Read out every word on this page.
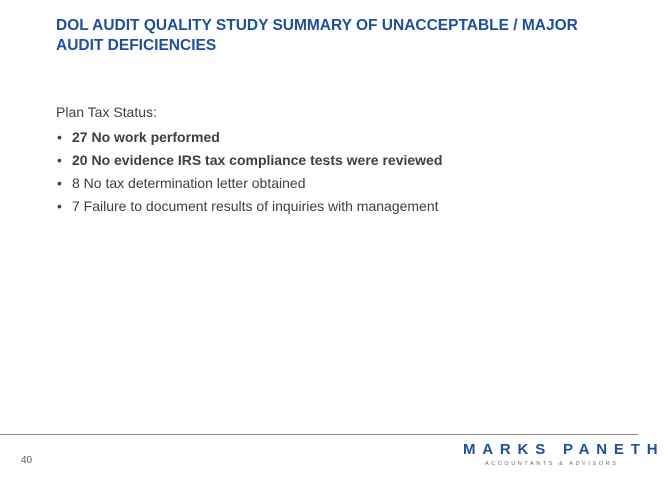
DOL AUDIT QUALITY STUDY SUMMARY OF UNACCEPTABLE / MAJOR
AUDIT DEFICIENCIES
Plan Tax Status:
• 27 No work performed
• 20 No evidence IRS tax compliance tests were reviewed
• 8 No tax determination letter obtained
• 7 Failure to document results of inquiries with management
40
MARKS PANETH
ACCOUNTANTS & ADVISORS
